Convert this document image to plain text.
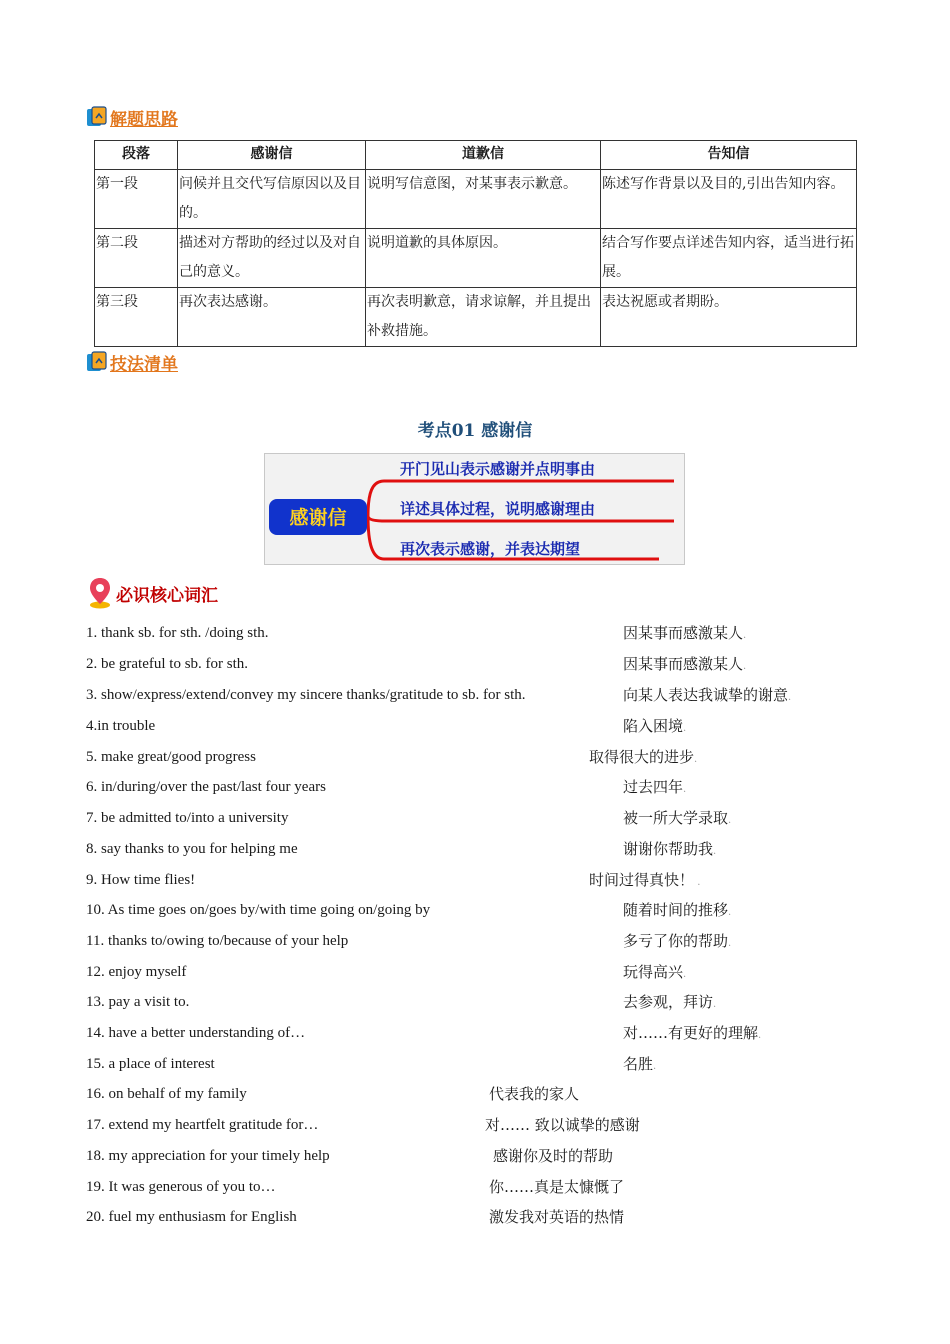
解题思路
段落	感谢信	道歉信	告知信
第一段	问候并且交代写信原因以及目的。	说明写信意图，对某事表示歉意。	陈述写作背景以及目的,引出告知内容。
第二段	描述对方帮助的经过以及对自己的意义。	说明道歉的具体原因。	结合写作要点详述告知内容，适当进行拓展。
第三段	再次表达感谢。	再次表明歉意，请求谅解，并且提出补救措施。	表达祝愿或者期盼。
技法清单
考点01 感谢信
感谢信
开门见山表示感谢并点明事由
详述具体过程，说明感谢理由
再次表示感谢，并表达期望
必识核心词汇
1. thank sb. for sth. /doing sth.	因某事而感激某人.
2. be grateful to sb. for sth.	因某事而感激某人.
3. show/express/extend/convey my sincere thanks/gratitude to sb. for sth.	向某人表达我诚挚的谢意.
4.in trouble	陷入困境.
5. make great/good progress	取得很大的进步.
6. in/during/over the past/last four years	过去四年.
7. be admitted to/into a university	被一所大学录取.
8. say thanks to you for helping me	谢谢你帮助我.
9. How time flies!	时间过得真快！ .
10. As time goes on/goes by/with time going on/going by	随着时间的推移.
11. thanks to/owing to/because of your help	多亏了你的帮助.
12. enjoy myself	玩得高兴.
13. pay a visit to.	去参观，拜访.
14. have a better understanding of…	对……有更好的理解.
15. a place of interest	名胜.
16. on behalf of my family	代表我的家人
17. extend my heartfelt gratitude for…	对…… 致以诚挚的感谢
18. my appreciation for your timely help	感谢你及时的帮助
19. It was generous of you to…	你……真是太慷慨了
20. fuel my enthusiasm for English	激发我对英语的热情
